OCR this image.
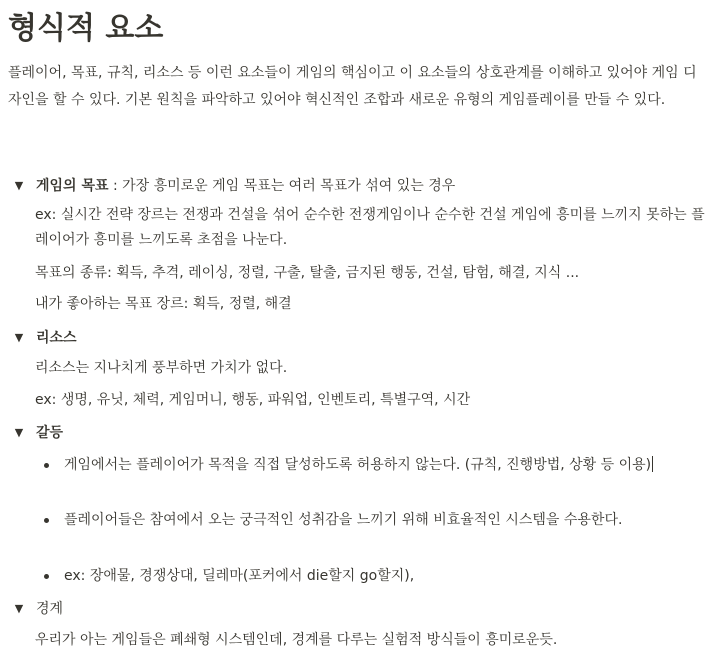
형식적 요소

플레이어, 목표, 규칙, 리소스 등 이런 요소들이 게임의 핵심이고 이 요소들의 상호관계를 이해하고 있어야 게임 디자인을 할 수 있다. 기본 원칙을 파악하고 있어야 혁신적인 조합과 새로운 유형의 게임플레이를 만들 수 있다.

▼ 게임의 목표 : 가장 흥미로운 게임 목표는 여러 목표가 섞여 있는 경우
ex: 실시간 전략 장르는 전쟁과 건설을 섞어 순수한 전쟁게임이나 순수한 건설 게임에 흥미를 느끼지 못하는 플레이어가 흥미를 느끼도록 초점을 나눈다.
목표의 종류: 획득, 추격, 레이싱, 정렬, 구출, 탈출, 금지된 행동, 건설, 탐험, 해결, 지식 ...
내가 좋아하는 목표 장르: 획득, 정렬, 해결
▼ 리소스
리소스는 지나치게 풍부하면 가치가 없다.
ex: 생명, 유닛, 체력, 게임머니, 행동, 파워업, 인벤토리, 특별구역, 시간
▼ 갈등
게임에서는 플레이어가 목적을 직접 달성하도록 허용하지 않는다. (규칙, 진행방법, 상황 등 이용)
플레이어들은 참여에서 오는 궁극적인 성취감을 느끼기 위해 비효율적인 시스템을 수용한다.
ex: 장애물, 경쟁상대, 딜레마(포커에서 die할지 go할지),
▼ 경계
우리가 아는 게임들은 폐쇄형 시스템인데, 경계를 다루는 실험적 방식들이 흥미로운듯.
